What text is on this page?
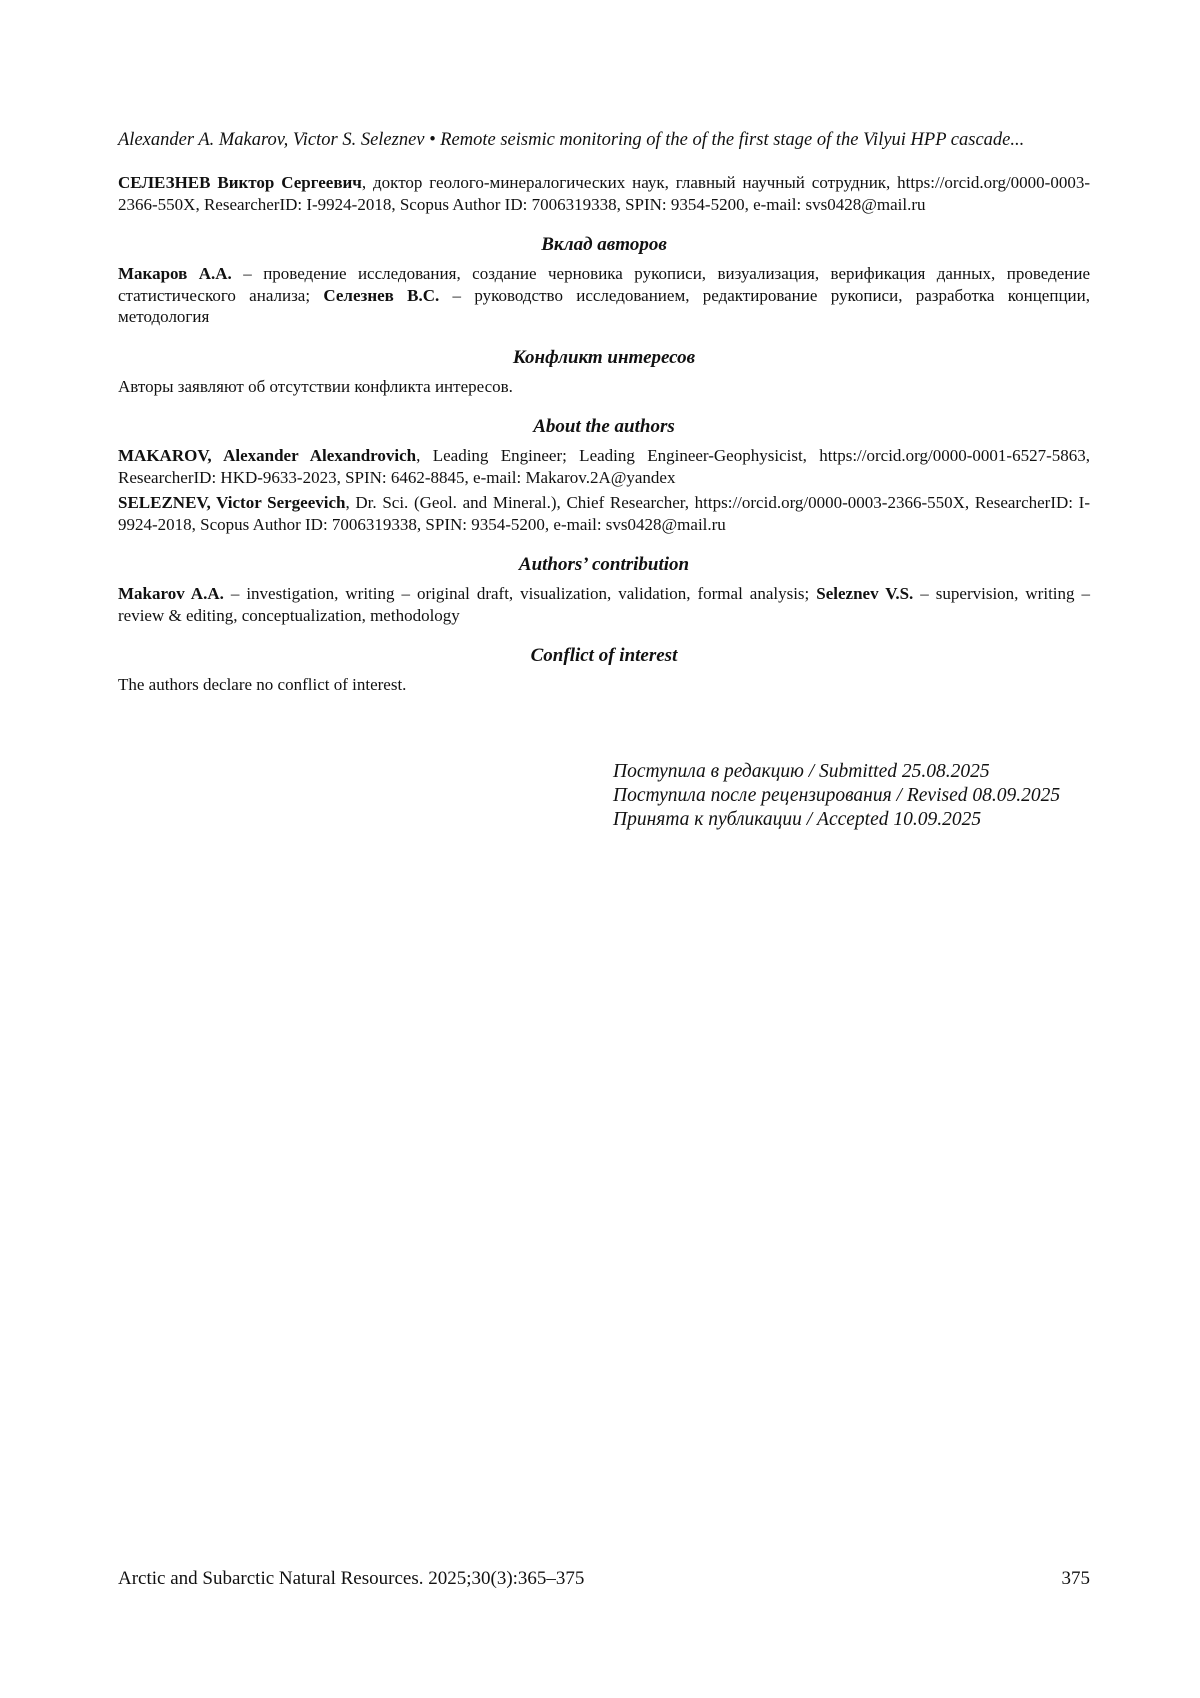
Alexander A. Makarov, Victor S. Seleznev • Remote seismic monitoring of the of the first stage of the Vilyui HPP cascade...

СЕЛЕЗНЕВ Виктор Сергеевич, доктор геолого-минералогических наук, главный научный сотрудник, https://orcid.org/0000-0003-2366-550X, ResearcherID: I-9924-2018, Scopus Author ID: 7006319338, SPIN: 9354-5200, e-mail: svs0428@mail.ru

Вклад авторов

Макаров А.А. – проведение исследования, создание черновика рукописи, визуализация, верификация данных, проведение статистического анализа; Селезнев В.С. – руководство исследованием, редактирование рукописи, разработка концепции, методология

Конфликт интересов

Авторы заявляют об отсутствии конфликта интересов.

About the authors

MAKAROV, Alexander Alexandrovich, Leading Engineer; Leading Engineer-Geophysicist, https://orcid.org/0000-0001-6527-5863, ResearcherID: HKD-9633-2023, SPIN: 6462-8845, e-mail: Makarov.2A@yandex

SELEZNEV, Victor Sergeevich, Dr. Sci. (Geol. and Mineral.), Chief Researcher, https://orcid.org/0000-0003-2366-550X, ResearcherID: I-9924-2018, Scopus Author ID: 7006319338, SPIN: 9354-5200, e-mail: svs0428@mail.ru

Authors’ contribution

Makarov A.A. – investigation, writing – original draft, visualization, validation, formal analysis; Seleznev V.S. – supervision, writing – review & editing, conceptualization, methodology

Conflict of interest

The authors declare no conflict of interest.

Поступила в редакцию / Submitted 25.08.2025
Поступила после рецензирования / Revised 08.09.2025
Принята к публикации / Accepted 10.09.2025
Arctic and Subarctic Natural Resources. 2025;30(3):365–375	375
